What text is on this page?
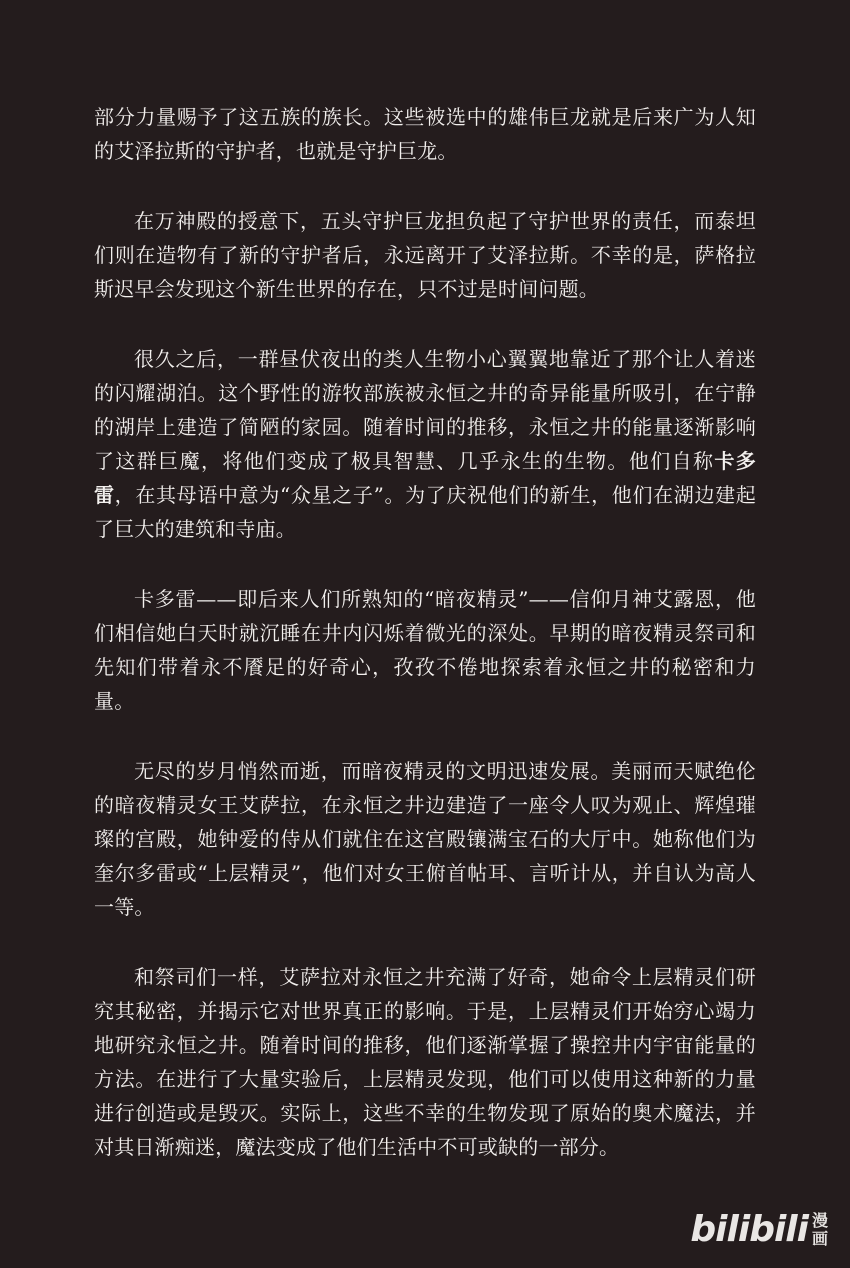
部分力量赐予了这五族的族长。这些被选中的雄伟巨龙就是后来广为人知的艾泽拉斯的守护者，也就是守护巨龙。

在万神殿的授意下，五头守护巨龙担负起了守护世界的责任，而泰坦们则在造物有了新的守护者后，永远离开了艾泽拉斯。不幸的是，萨格拉斯迟早会发现这个新生世界的存在，只不过是时间问题。

很久之后，一群昼伏夜出的类人生物小心翼翼地靠近了那个让人着迷的闪耀湖泊。这个野性的游牧部族被永恒之井的奇异能量所吸引，在宁静的湖岸上建造了简陋的家园。随着时间的推移，永恒之井的能量逐渐影响了这群巨魔，将他们变成了极具智慧、几乎永生的生物。他们自称卡多雷，在其母语中意为“众星之子”。为了庆祝他们的新生，他们在湖边建起了巨大的建筑和寺庙。

卡多雷——即后来人们所熟知的“暗夜精灵”——信仰月神艾露恩，他们相信她白天时就沉睡在井内闪烁着微光的深处。早期的暗夜精灵祭司和先知们带着永不餍足的好奇心，孜孜不倦地探索着永恒之井的秘密和力量。

无尽的岁月悄然而逝，而暗夜精灵的文明迅速发展。美丽而天赋绝伦的暗夜精灵女王艾萨拉，在永恒之井边建造了一座令人叹为观止、辉煌璀璨的宫殿，她钟爱的侍从们就住在这宫殿镶满宝石的大厅中。她称他们为奎尔多雷或“上层精灵”，他们对女王俯首帖耳、言听计从，并自认为高人一等。

和祭司们一样，艾萨拉对永恒之井充满了好奇，她命令上层精灵们研究其秘密，并揭示它对世界真正的影响。于是，上层精灵们开始穷心竭力地研究永恒之井。随着时间的推移，他们逐渐掌握了操控井内宇宙能量的方法。在进行了大量实验后，上层精灵发现，他们可以使用这种新的力量进行创造或是毁灭。实际上，这些不幸的生物发现了原始的奥术魔法，并对其日渐痴迷，魔法变成了他们生活中不可或缺的一部分。

bilibili 漫
画
